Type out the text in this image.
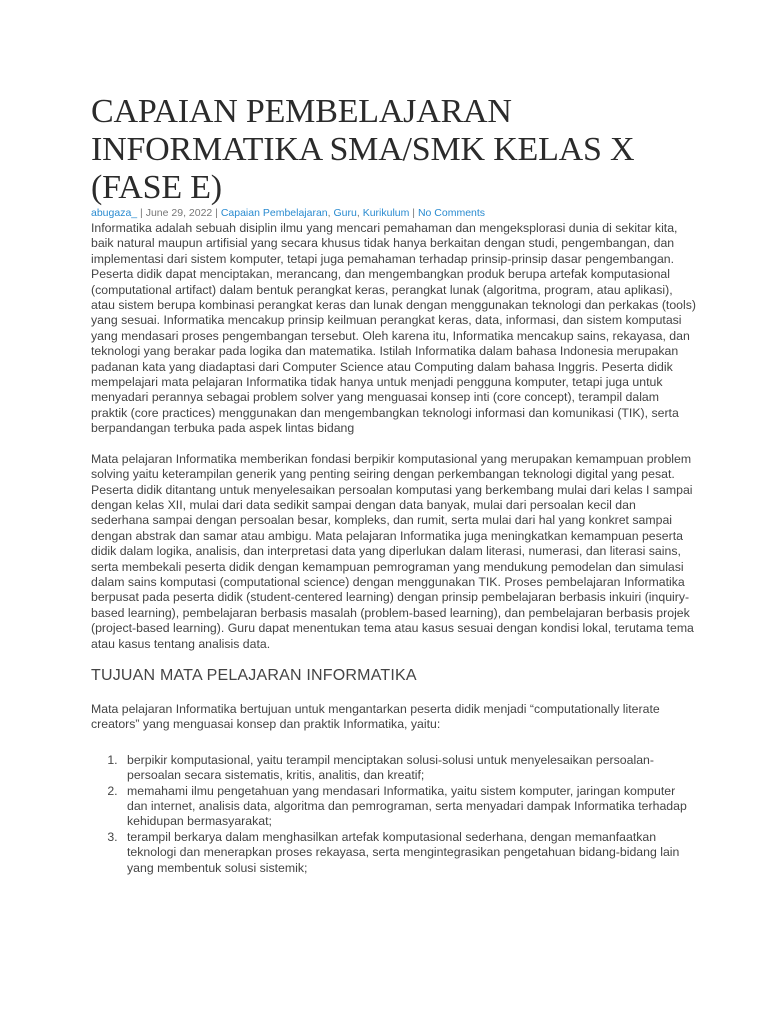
CAPAIAN PEMBELAJARAN INFORMATIKA SMA/SMK KELAS X (FASE E)
abugaza_ | June 29, 2022 | Capaian Pembelajaran, Guru, Kurikulum | No Comments

Informatika adalah sebuah disiplin ilmu yang mencari pemahaman dan mengeksplorasi dunia di sekitar kita, baik natural maupun artifisial yang secara khusus tidak hanya berkaitan dengan studi, pengembangan, dan implementasi dari sistem komputer, tetapi juga pemahaman terhadap prinsip-prinsip dasar pengembangan. Peserta didik dapat menciptakan, merancang, dan mengembangkan produk berupa artefak komputasional (computational artifact) dalam bentuk perangkat keras, perangkat lunak (algoritma, program, atau aplikasi), atau sistem berupa kombinasi perangkat keras dan lunak dengan menggunakan teknologi dan perkakas (tools) yang sesuai. Informatika mencakup prinsip keilmuan perangkat keras, data, informasi, dan sistem komputasi yang mendasari proses pengembangan tersebut. Oleh karena itu, Informatika mencakup sains, rekayasa, dan teknologi yang berakar pada logika dan matematika. Istilah Informatika dalam bahasa Indonesia merupakan padanan kata yang diadaptasi dari Computer Science atau Computing dalam bahasa Inggris. Peserta didik mempelajari mata pelajaran Informatika tidak hanya untuk menjadi pengguna komputer, tetapi juga untuk menyadari perannya sebagai problem solver yang menguasai konsep inti (core concept), terampil dalam praktik (core practices) menggunakan dan mengembangkan teknologi informasi dan komunikasi (TIK), serta berpandangan terbuka pada aspek lintas bidang

Mata pelajaran Informatika memberikan fondasi berpikir komputasional yang merupakan kemampuan problem solving yaitu keterampilan generik yang penting seiring dengan perkembangan teknologi digital yang pesat. Peserta didik ditantang untuk menyelesaikan persoalan komputasi yang berkembang mulai dari kelas I sampai dengan kelas XII, mulai dari data sedikit sampai dengan data banyak, mulai dari persoalan kecil dan sederhana sampai dengan persoalan besar, kompleks, dan rumit, serta mulai dari hal yang konkret sampai dengan abstrak dan samar atau ambigu. Mata pelajaran Informatika juga meningkatkan kemampuan peserta didik dalam logika, analisis, dan interpretasi data yang diperlukan dalam literasi, numerasi, dan literasi sains, serta membekali peserta didik dengan kemampuan pemrograman yang mendukung pemodelan dan simulasi dalam sains komputasi (computational science) dengan menggunakan TIK. Proses pembelajaran Informatika berpusat pada peserta didik (student-centered learning) dengan prinsip pembelajaran berbasis inkuiri (inquiry-based learning), pembelajaran berbasis masalah (problem-based learning), dan pembelajaran berbasis projek (project-based learning). Guru dapat menentukan tema atau kasus sesuai dengan kondisi lokal, terutama tema atau kasus tentang analisis data.

TUJUAN MATA PELAJARAN INFORMATIKA

Mata pelajaran Informatika bertujuan untuk mengantarkan peserta didik menjadi “computationally literate creators” yang menguasai konsep dan praktik Informatika, yaitu:

1. berpikir komputasional, yaitu terampil menciptakan solusi-solusi untuk menyelesaikan persoalan-persoalan secara sistematis, kritis, analitis, dan kreatif;
2. memahami ilmu pengetahuan yang mendasari Informatika, yaitu sistem komputer, jaringan komputer dan internet, analisis data, algoritma dan pemrograman, serta menyadari dampak Informatika terhadap kehidupan bermasyarakat;
3. terampil berkarya dalam menghasilkan artefak komputasional sederhana, dengan memanfaatkan teknologi dan menerapkan proses rekayasa, serta mengintegrasikan pengetahuan bidang-bidang lain yang membentuk solusi sistemik;
